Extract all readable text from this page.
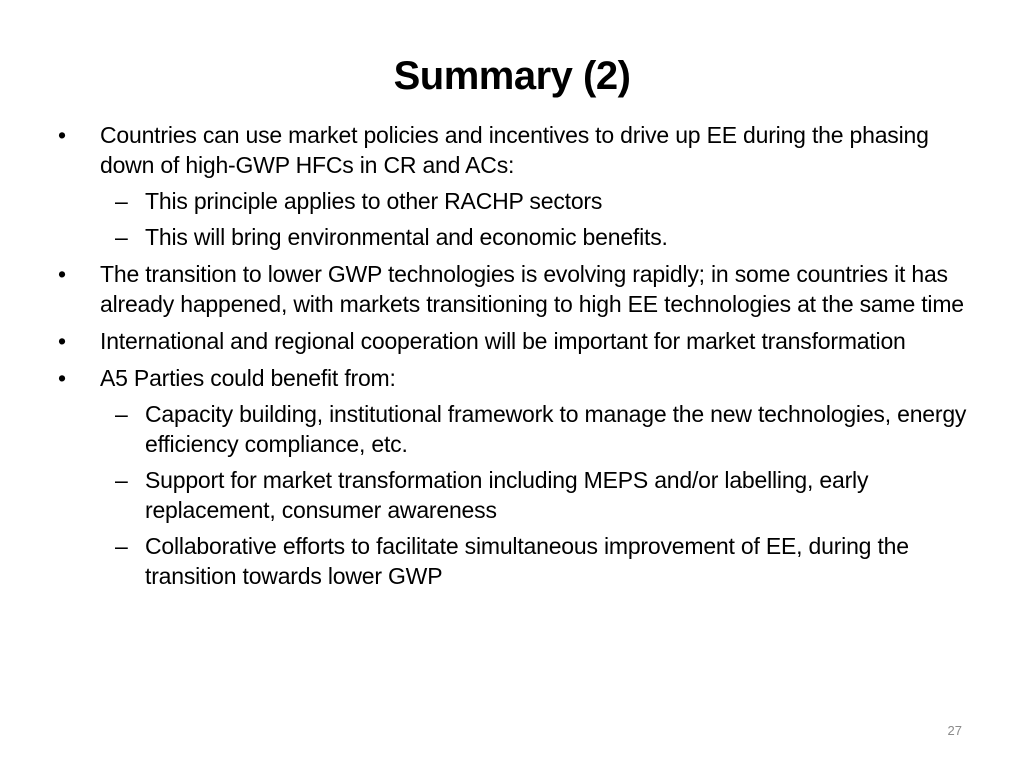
Summary (2)
• Countries can use market policies and incentives to drive up EE during the phasing down of high-GWP HFCs in CR and ACs:
– This principle applies to other RACHP sectors
– This will bring environmental and economic benefits.
• The transition to lower GWP technologies is evolving rapidly; in some countries it has already happened, with markets transitioning to high EE technologies at the same time
• International and regional cooperation will be important for market transformation
• A5 Parties could benefit from:
– Capacity building, institutional framework to manage the new technologies, energy efficiency compliance, etc.
– Support for market transformation including MEPS and/or labelling, early replacement, consumer awareness
– Collaborative efforts to facilitate simultaneous improvement of EE, during the transition towards lower GWP
27
